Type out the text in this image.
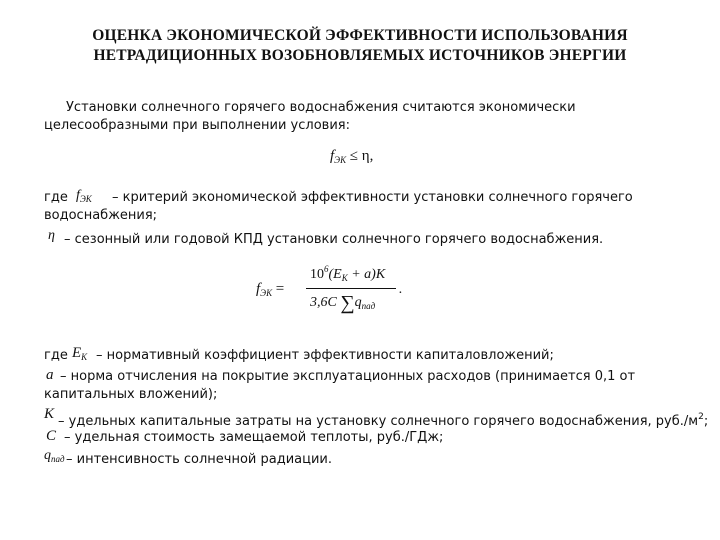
ОЦЕНКА ЭКОНОМИЧЕСКОЙ ЭФФЕКТИВНОСТИ ИСПОЛЬЗОВАНИЯ
НЕТРАДИЦИОННЫХ ВОЗОБНОВЛЯЕМЫХ ИСТОЧНИКОВ ЭНЕРГИИ
Установки солнечного горячего водоснабжения считаются экономически
целесообразными при выполнении условия:
$f_{ЭК} \le \eta$,
где $f_{ЭК}$ – критерий экономической эффективности установки солнечного горячего
водоснабжения;
η – сезонный или годовой КПД установки солнечного горячего водоснабжения.
$f_{ЭК}$ =
$10^6(E_K + a)K$
3,6C $\sum q_{пад}$
.
где $E_K$ – нормативный коэффициент эффективности капиталовложений;
a – норма отчисления на покрытие эксплуатационных расходов (принимается 0,1 от
капитальных вложений);
K – удельных капитальные затраты на установку солнечного горячего водоснабжения, $руб./м^2$;
C – удельная стоимость замещаемой теплоты, руб./ГДж;
$q_{пад}$ – интенсивность солнечной радиации.
